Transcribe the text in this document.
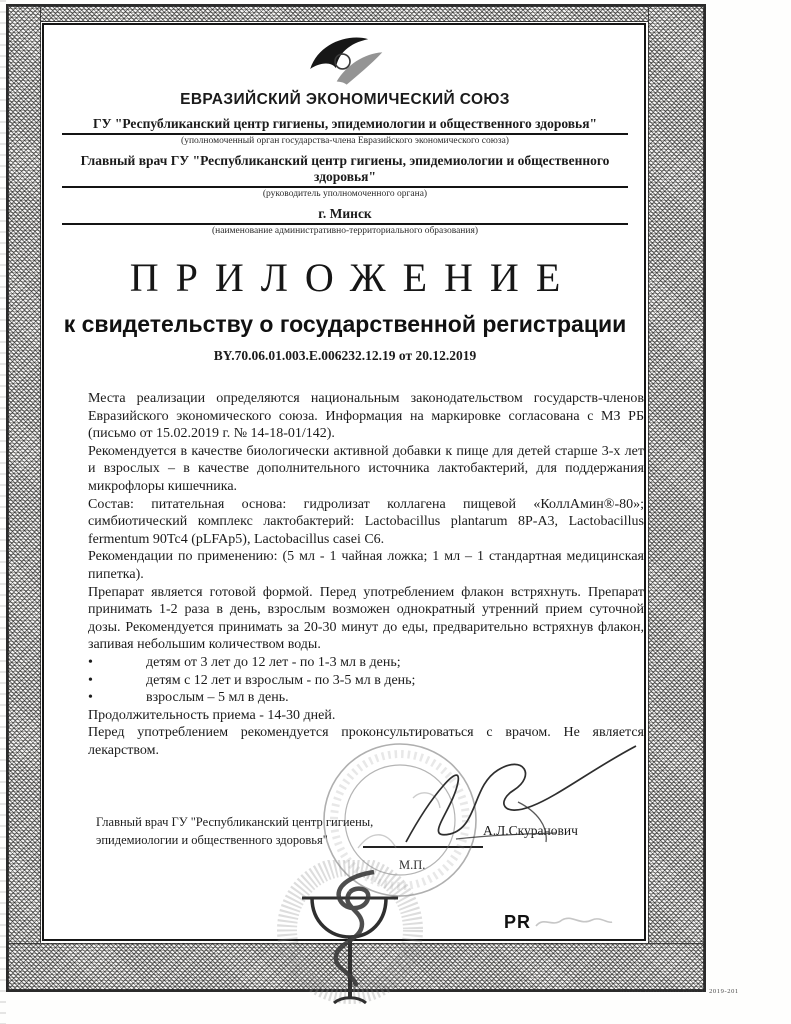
ЕВРАЗИЙСКИЙ ЭКОНОМИЧЕСКИЙ СОЮЗ
ГУ "Республиканский центр гигиены, эпидемиологии и общественного здоровья"
(уполномоченный орган государства-члена Евразийского экономического союза)
Главный врач ГУ "Республиканский центр гигиены, эпидемиологии и общественного здоровья"
(руководитель уполномоченного органа)
г. Минск
(наименование административно-территориального образования)
ПРИЛОЖЕНИЕ
к свидетельству о государственной регистрации
BY.70.06.01.003.E.006232.12.19 от 20.12.2019

Места реализации определяются национальным законодательством государств-членов Евразийского экономического союза. Информация на маркировке согласована с МЗ РБ (письмо от 15.02.2019 г. № 14-18-01/142).

Рекомендуется в качестве биологически активной добавки к пище для детей старше 3-х лет и взрослых – в качестве дополнительного источника лактобактерий, для поддержания микрофлоры кишечника.

Состав: питательная основа: гидролизат коллагена пищевой «КоллАмин®-80»; симбиотический комплекс лактобактерий: Lactobacillus plantarum 8P-A3, Lactobacillus fermentum 90Tc4 (pLFAp5), Lactobacillus casei C6.

Рекомендации по применению: (5 мл - 1 чайная ложка; 1 мл – 1 стандартная медицинская пипетка).

Препарат является готовой формой. Перед употреблением флакон встряхнуть. Препарат принимать 1-2 раза в день, взрослым возможен однократный утренний прием суточной дозы. Рекомендуется принимать за 20-30 минут до еды, предварительно встряхнув флакон, запивая небольшим количеством воды.

•	детям от 3 лет до 12 лет - по 1-3 мл в день;
•	детям с 12 лет и взрослым - по 3-5 мл в день;
•	взрослым – 5 мл в день.

Продолжительность приема - 14-30 дней.

Перед употреблением рекомендуется проконсультироваться с врачом. Не является лекарством.

Главный врач ГУ "Республиканский центр гигиены,
эпидемиологии и общественного здоровья"
А.Л.Скуранович
М.П.
PR
········ ············· ······ ·· 2019-201
